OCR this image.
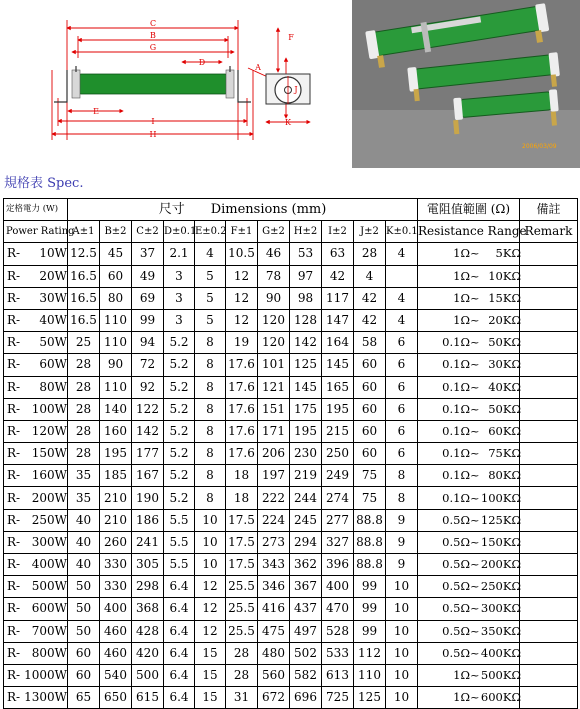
C
B
G
D
A
F
J
E
I
H
K
2006/03/09
規格表 Spec.
定格電力 (W)	尺寸　　Dimensions (mm)											電阻值範圍 (Ω)	備註
Power Rating	A±1	B±2	C±2	D±0.1	E±0.2	F±1	G±2	H±2	I±2	J±2	K±0.1	Resistance Range	Remark
R- 10W	12.5	45	37	2.1	4	10.5	46	53	63	28	4	1Ω~ 5KΩ	
R- 20W	16.5	60	49	3	5	12	78	97	42	4		1Ω~ 10KΩ	
R- 30W	16.5	80	69	3	5	12	90	98	117	42	4	1Ω~ 15KΩ	
R- 40W	16.5	110	99	3	5	12	120	128	147	42	4	1Ω~ 20KΩ	
R- 50W	25	110	94	5.2	8	19	120	142	164	58	6	0.1Ω~ 50KΩ	
R- 60W	28	90	72	5.2	8	17.6	101	125	145	60	6	0.1Ω~ 30KΩ	
R- 80W	28	110	92	5.2	8	17.6	121	145	165	60	6	0.1Ω~ 40KΩ	
R- 100W	28	140	122	5.2	8	17.6	151	175	195	60	6	0.1Ω~ 50KΩ	
R- 120W	28	160	142	5.2	8	17.6	171	195	215	60	6	0.1Ω~ 60KΩ	
R- 150W	28	195	177	5.2	8	17.6	206	230	250	60	6	0.1Ω~ 75KΩ	
R- 160W	35	185	167	5.2	8	18	197	219	249	75	8	0.1Ω~ 80KΩ	
R- 200W	35	210	190	5.2	8	18	222	244	274	75	8	0.1Ω~100KΩ	
R- 250W	40	210	186	5.5	10	17.5	224	245	277	88.8	9	0.5Ω~125KΩ	
R- 300W	40	260	241	5.5	10	17.5	273	294	327	88.8	9	0.5Ω~150KΩ	
R- 400W	40	330	305	5.5	10	17.5	343	362	396	88.8	9	0.5Ω~200KΩ	
R- 500W	50	330	298	6.4	12	25.5	346	367	400	99	10	0.5Ω~250KΩ	
R- 600W	50	400	368	6.4	12	25.5	416	437	470	99	10	0.5Ω~300KΩ	
R- 700W	50	460	428	6.4	12	25.5	475	497	528	99	10	0.5Ω~350KΩ	
R- 800W	60	460	420	6.4	15	28	480	502	533	112	10	0.5Ω~400KΩ	
R- 1000W	60	540	500	6.4	15	28	560	582	613	110	10	1Ω~500KΩ	
R- 1300W	65	650	615	6.4	15	31	672	696	725	125	10	1Ω~600KΩ	
